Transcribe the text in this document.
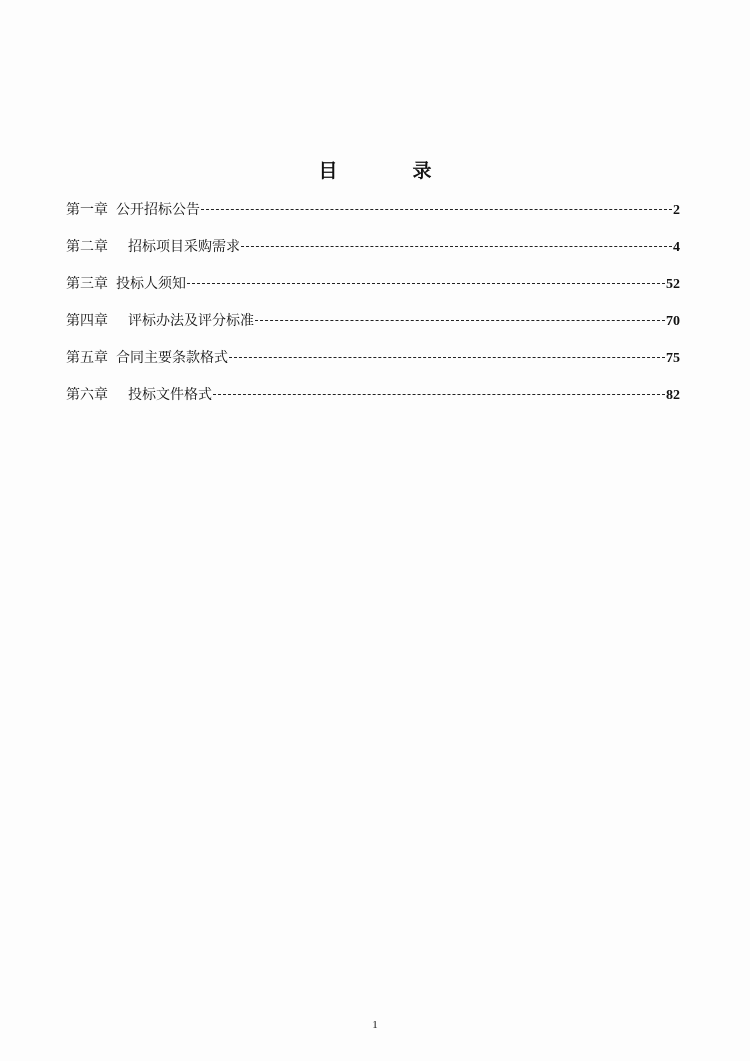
目　录
第一章 公开招标公告	2
第二章 招标项目采购需求	4
第三章 投标人须知	52
第四章 评标办法及评分标准	70
第五章 合同主要条款格式	75
第六章 投标文件格式	82
1
